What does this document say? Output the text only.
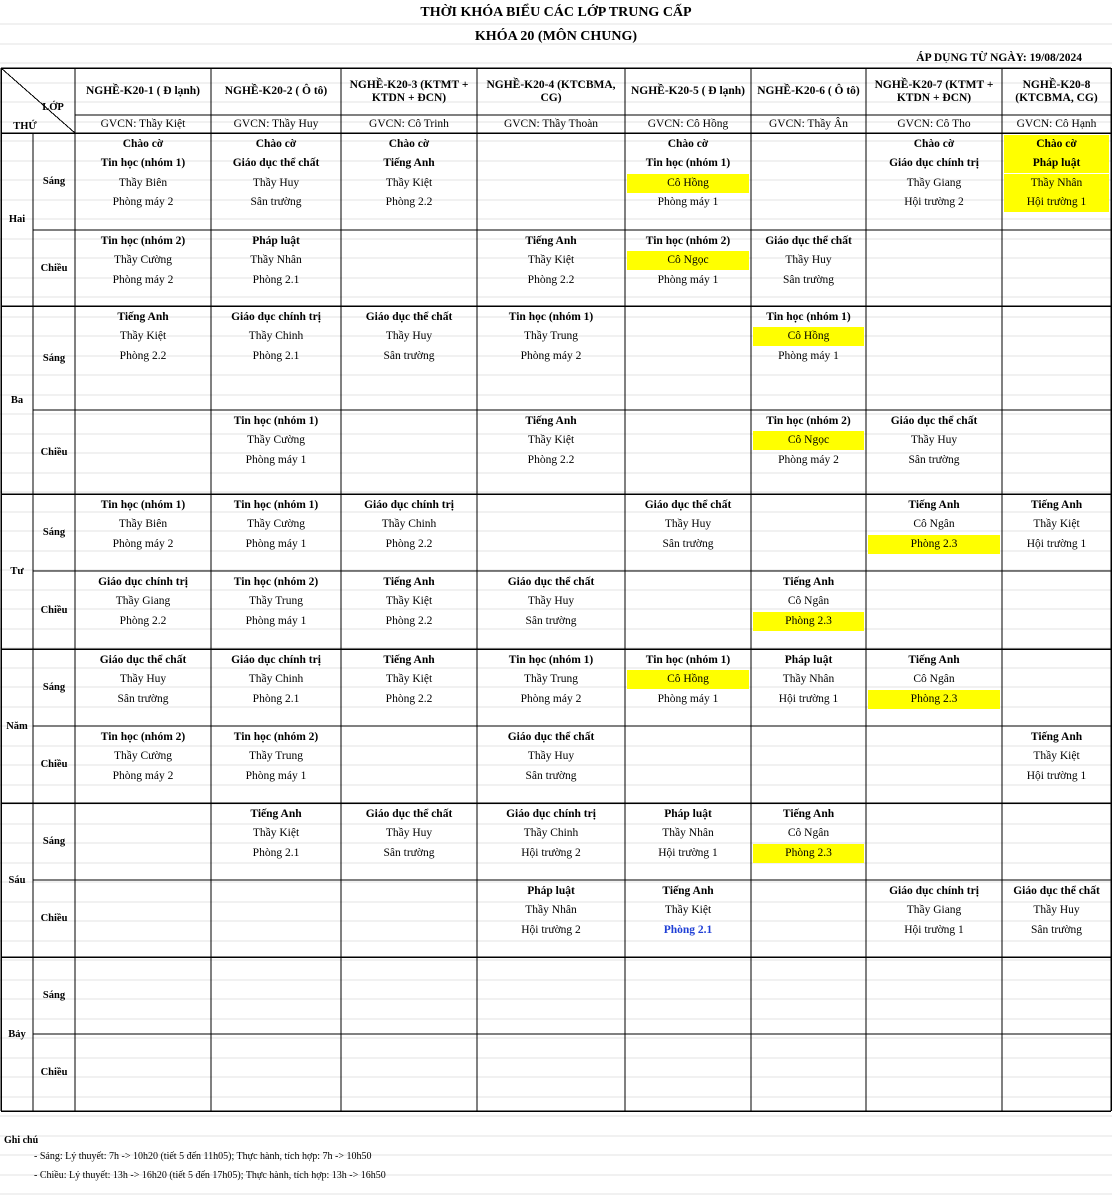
THỜI KHÓA BIỂU CÁC LỚP TRUNG CẤP
KHÓA 20 (MÔN CHUNG)
ÁP DỤNG TỪ NGÀY: 19/08/2024
LỚP
THỨ
NGHỀ-K20-1 ( Đ lạnh)
GVCN: Thầy Kiệt
NGHỀ-K20-2 ( Ô tô)
GVCN: Thầy Huy
NGHỀ-K20-3 (KTMT + KTDN + ĐCN)
GVCN: Cô Trinh
NGHỀ-K20-4 (KTCBMA, CG)
GVCN: Thầy Thoàn
NGHỀ-K20-5 ( Đ lạnh)
GVCN: Cô Hồng
NGHỀ-K20-6 ( Ô tô)
GVCN: Thầy Ân
NGHỀ-K20-7 (KTMT + KTDN + ĐCN)
GVCN: Cô Tho
NGHỀ-K20-8 (KTCBMA, CG)
GVCN: Cô Hạnh
Hai
Sáng
Chào cờ
Tin học (nhóm 1)
Thầy Biên
Phòng máy 2
Chào cờ
Giáo dục thể chất
Thầy Huy
Sân trường
Chào cờ
Tiếng Anh
Thầy Kiệt
Phòng 2.2
Chào cờ
Tin học (nhóm 1)
Cô Hồng
Phòng máy 1
Chào cờ
Giáo dục chính trị
Thầy Giang
Hội trường 2
Chào cờ
Pháp luật
Thầy Nhân
Hội trường 1
Chiều
Tin học (nhóm 2)
Thầy Cường
Phòng máy 2
Pháp luật
Thầy Nhân
Phòng 2.1
Tiếng Anh
Thầy Kiệt
Phòng 2.2
Tin học (nhóm 2)
Cô Ngọc
Phòng máy 1
Giáo dục thể chất
Thầy Huy
Sân trường
Ba
Sáng
Tiếng Anh
Thầy Kiệt
Phòng 2.2
Giáo dục chính trị
Thầy Chinh
Phòng 2.1
Giáo dục thể chất
Thầy Huy
Sân trường
Tin học (nhóm 1)
Thầy Trung
Phòng máy 2
Tin học (nhóm 1)
Cô Hồng
Phòng máy 1
Chiều
Tin học (nhóm 1)
Thầy Cường
Phòng máy 1
Tiếng Anh
Thầy Kiệt
Phòng 2.2
Tin học (nhóm 2)
Cô Ngọc
Phòng máy 2
Giáo dục thể chất
Thầy Huy
Sân trường
Tư
Sáng
Tin học (nhóm 1)
Thầy Biên
Phòng máy 2
Tin học (nhóm 1)
Thầy Cường
Phòng máy 1
Giáo dục chính trị
Thầy Chinh
Phòng 2.2
Giáo dục thể chất
Thầy Huy
Sân trường
Tiếng Anh
Cô Ngân
Phòng 2.3
Tiếng Anh
Thầy Kiệt
Hội trường 1
Chiều
Giáo dục chính trị
Thầy Giang
Phòng 2.2
Tin học (nhóm 2)
Thầy Trung
Phòng máy 1
Tiếng Anh
Thầy Kiệt
Phòng 2.2
Giáo dục thể chất
Thầy Huy
Sân trường
Tiếng Anh
Cô Ngân
Phòng 2.3
Năm
Sáng
Giáo dục thể chất
Thầy Huy
Sân trường
Giáo dục chính trị
Thầy Chinh
Phòng 2.1
Tiếng Anh
Thầy Kiệt
Phòng 2.2
Tin học (nhóm 1)
Thầy Trung
Phòng máy 2
Tin học (nhóm 1)
Cô Hồng
Phòng máy 1
Pháp luật
Thầy Nhân
Hội trường 1
Tiếng Anh
Cô Ngân
Phòng 2.3
Chiều
Tin học (nhóm 2)
Thầy Cường
Phòng máy 2
Tin học (nhóm 2)
Thầy Trung
Phòng máy 1
Giáo dục thể chất
Thầy Huy
Sân trường
Tiếng Anh
Thầy Kiệt
Hội trường 1
Sáu
Sáng
Tiếng Anh
Thầy Kiệt
Phòng 2.1
Giáo dục thể chất
Thầy Huy
Sân trường
Giáo dục chính trị
Thầy Chinh
Hội trường 2
Pháp luật
Thầy Nhân
Hội trường 1
Tiếng Anh
Cô Ngân
Phòng 2.3
Chiều
Pháp luật
Thầy Nhân
Hội trường 2
Tiếng Anh
Thầy Kiệt
Phòng 2.1
Giáo dục chính trị
Thầy Giang
Hội trường 1
Giáo dục thể chất
Thầy Huy
Sân trường
Bảy
Sáng
Chiều
Ghi chú
- Sáng: Lý thuyết: 7h -> 10h20 (tiết 5 đến 11h05); Thực hành, tích hợp: 7h -> 10h50
- Chiều: Lý thuyết: 13h -> 16h20 (tiết 5 đến 17h05); Thực hành, tích hợp: 13h -> 16h50
